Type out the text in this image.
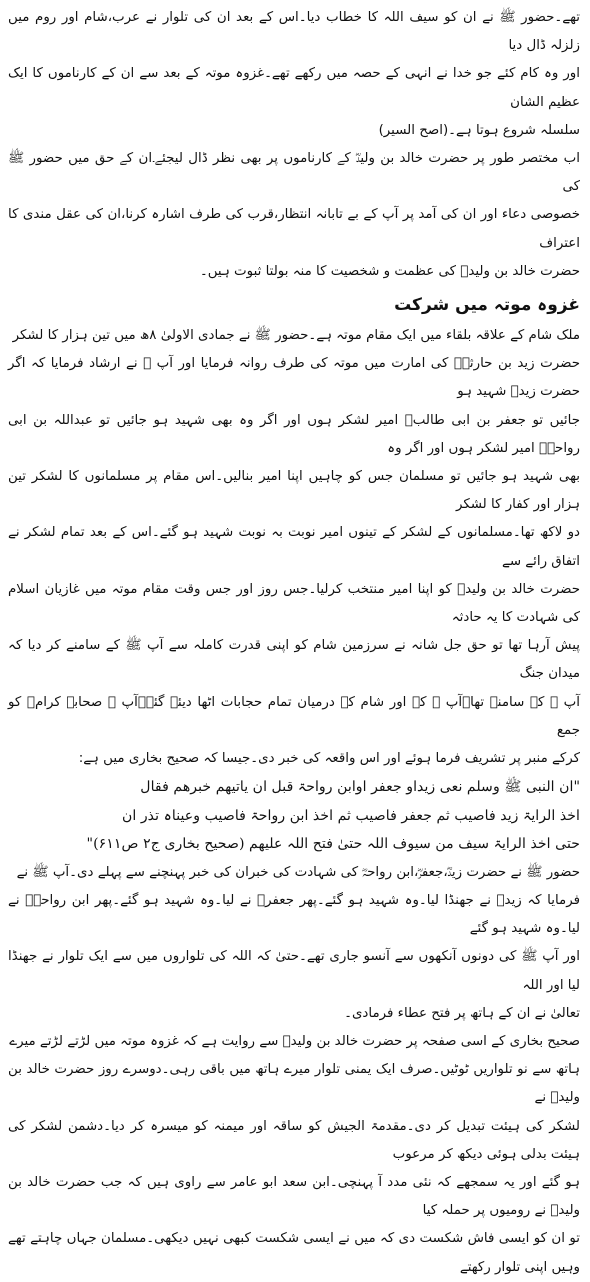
تھے۔حضور ﷺ نے ان کو سیف اللہ کا خطاب دیا۔اس کے بعد ان کی تلوار نے عرب،شام اور روم میں زلزلہ ڈال دیا

اور وہ کام کئے جو خدا نے انہی کے حصہ میں رکھے تھے۔غزوہ موتہ کے بعد سے ان کے کارناموں کا ایک عظیم الشان

سلسلہ شروع ہوتا ہے۔(اصح السیر)

اب مختصر طور پر حضرت خالد بن ولیدؓ کے کارناموں پر بھی نظر ڈال لیجئے۔ان کے حق میں حضور ﷺ کی

خصوصی دعاء اور ان کی آمد پر آپ کے بے تابانہ انتظار،قرب کی طرف اشارہ کرنا،ان کی عقل مندی کا اعتراف

حضرت خالد بن ولیدؓ کی عظمت و شخصیت کا منہ بولتا ثبوت ہیں۔

غزوہ موتہ میں شرکت

ملک شام کے علاقہ بلقاء میں ایک مقام موتہ ہے۔حضور ﷺ نے جمادی الاولیٰ ۸ھ میں تین ہزار کا لشکر

حضرت زید بن حارثہؓ کی امارت میں موتہ کی طرف روانہ فرمایا اور آپ ﷺ نے ارشاد فرمایا کہ اگر حضرت زیدؓ شہید ہو

جائیں تو جعفر بن ابی طالبؓ امیر لشکر ہوں اور اگر وہ بھی شہید ہو جائیں تو عبداللہ بن ابی رواحہؓ امیر لشکر ہوں اور اگر وہ

بھی شہید ہو جائیں تو مسلمان جس کو چاہیں اپنا امیر بنالیں۔اس مقام پر مسلمانوں کا لشکر تین ہزار اور کفار کا لشکر

دو لاکھ تھا۔مسلمانوں کے لشکر کے تینوں امیر نوبت بہ نوبت شہید ہو گئے۔اس کے بعد تمام لشکر نے اتفاق رائے سے

حضرت خالد بن ولیدؓ کو اپنا امیر منتخب کرلیا۔جس روز اور جس وقت مقام موتہ میں غازیان اسلام کی شہادت کا یہ حادثہ

پیش آرہا تھا تو حق جل شانہ نے سرزمین شام کو اپنی قدرت کاملہ سے آپ ﷺ کے سامنے کر دیا کہ میدان جنگ

آپ ﷺ کے سامنے تھا۔آپ ﷺ کے اور شام کے درمیان تمام حجابات اٹھا دیئے گئے۔آپ ﷺ صحابہ کرامؓ کو جمع

کرکے منبر پر تشریف فرما ہوئے اور اس واقعہ کی خبر دی۔جیسا کہ صحیح بخاری میں ہے:

"ان النبی ﷺ وسلم نعی زیداو جعفر اوابن رواحۃ قبل ان یاتیھم خبرھم فقال

اخذ الرایۃ زید فاصیب ثم جعفر فاصیب ثم اخذ ابن رواحۃ فاصیب وعیناہ تذر ان

حتی اخذ الرایۃ سیف من سیوف اللہ حتیٰ فتح اللہ علیھم (صحیح بخاری ج۲ ص۶۱۱)"

حضور ﷺ نے حضرت زیدؓ،جعفرؓ،ابن رواحہؓ کی شہادت کی خبران کی خبر پہنچنے سے پہلے دی۔آپ ﷺ نے

فرمایا کہ زیدؓ نے جھنڈا لیا۔وہ شہید ہو گئے۔پھر جعفرؓ نے لیا۔وہ شہید ہو گئے۔پھر ابن رواحہؓ نے لیا۔وہ شہید ہو گئے

اور آپ ﷺ کی دونوں آنکھوں سے آنسو جاری تھے۔حتیٰ کہ اللہ کی تلواروں میں سے ایک تلوار نے جھنڈا لیا اور اللہ

تعالیٰ نے ان کے ہاتھ پر فتح عطاء فرمادی۔

صحیح بخاری کے اسی صفحہ پر حضرت خالد بن ولیدؓ سے روایت ہے کہ غزوہ موتہ میں لڑتے لڑتے میرے

ہاتھ سے نو تلواریں ٹوٹیں۔صرف ایک یمنی تلوار میرے ہاتھ میں باقی رہی۔دوسرے روز حضرت خالد بن ولیدؓ نے

لشکر کی ہیئت تبدیل کر دی۔مقدمۃ الجیش کو ساقہ اور میمنہ کو میسرہ کر دیا۔دشمن لشکر کی ہیئت بدلی ہوئی دیکھ کر مرعوب

ہو گئے اور یہ سمجھے کہ نئی مدد آ پہنچی۔ابن سعد ابو عامر سے راوی ہیں کہ جب حضرت خالد بن ولیدؓ نے رومیوں پر حملہ کیا

تو ان کو ایسی فاش شکست دی کہ میں نے ایسی شکست کبھی نہیں دیکھی۔مسلمان جہاں چاہتے تھے وہیں اپنی تلوار رکھتے
